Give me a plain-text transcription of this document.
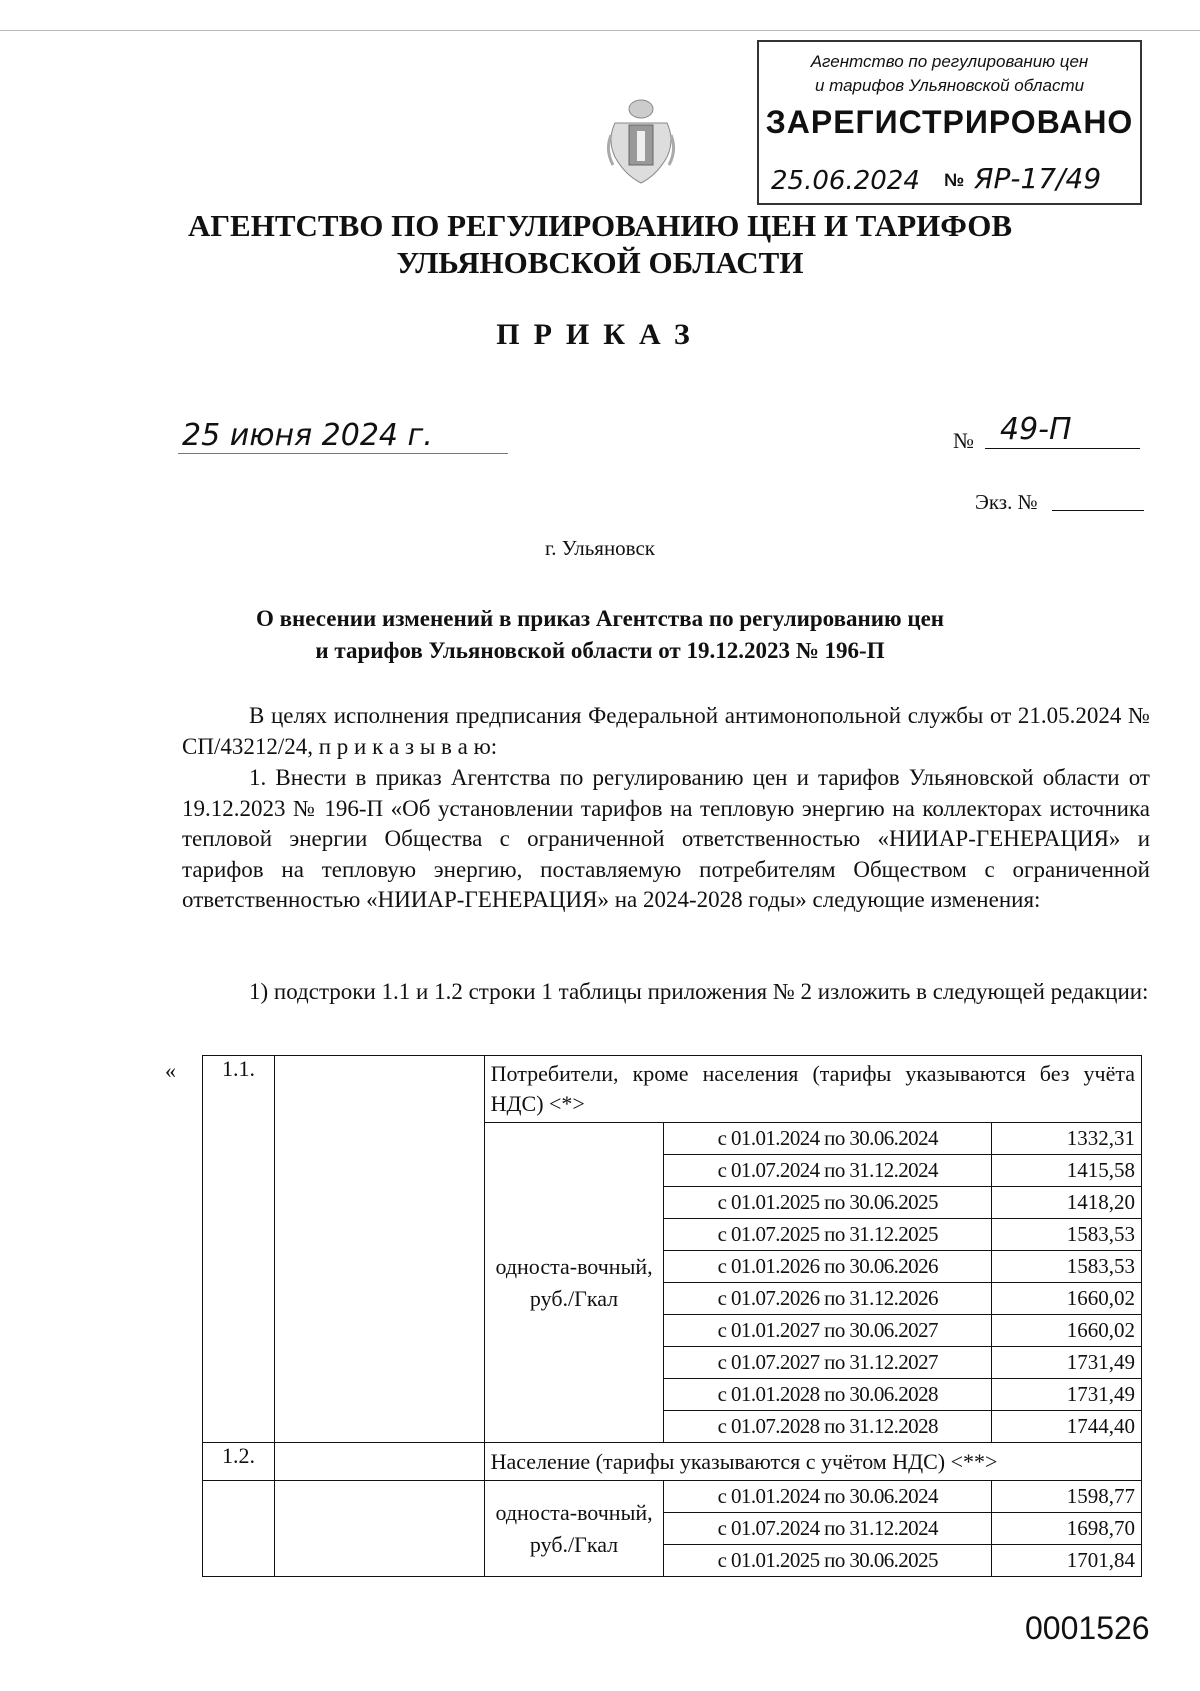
Агентство по регулированию цен
и тарифов Ульяновской области
ЗАРЕГИСТРИРОВАНО
25.06.2024 № ЯР-17/49
АГЕНТСТВО ПО РЕГУЛИРОВАНИЮ ЦЕН И ТАРИФОВ
УЛЬЯНОВСКОЙ ОБЛАСТИ
ПРИКАЗ
25 июня 2024 г.	№ 49-П
Экз. №
г. Ульяновск
О внесении изменений в приказ Агентства по регулированию цен
и тарифов Ульяновской области от 19.12.2023 № 196-П
В целях исполнения предписания Федеральной антимонопольной службы от 21.05.2024 № СП/43212/24, п р и к а з ы в а ю:
1. Внести в приказ Агентства по регулированию цен и тарифов Ульяновской области от 19.12.2023 № 196-П «Об установлении тарифов на тепловую энергию на коллекторах источника тепловой энергии Общества с ограниченной ответственностью «НИИАР-ГЕНЕРАЦИЯ» и тарифов на тепловую энергию, поставляемую потребителям Обществом с ограниченной ответственностью «НИИАР-ГЕНЕРАЦИЯ» на 2024-2028 годы» следующие изменения:
1) подстроки 1.1 и 1.2 строки 1 таблицы приложения № 2 изложить в следующей редакции:
« 1.1.		Потребители, кроме населения (тарифы указываются без учёта НДС) <*>		
		односта-вочный, руб./Гкал	с 01.01.2024 по 30.06.2024	1332,31
			с 01.07.2024 по 31.12.2024	1415,58
			с 01.01.2025 по 30.06.2025	1418,20
			с 01.07.2025 по 31.12.2025	1583,53
			с 01.01.2026 по 30.06.2026	1583,53
			с 01.07.2026 по 31.12.2026	1660,02
			с 01.01.2027 по 30.06.2027	1660,02
			с 01.07.2027 по 31.12.2027	1731,49
			с 01.01.2028 по 30.06.2028	1731,49
			с 01.07.2028 по 31.12.2028	1744,40
1.2.		Население (тарифы указываются с учётом НДС) <**>		
		односта-вочный, руб./Гкал	с 01.01.2024 по 30.06.2024	1598,77
			с 01.07.2024 по 31.12.2024	1698,70
			с 01.01.2025 по 30.06.2025	1701,84
0001526
